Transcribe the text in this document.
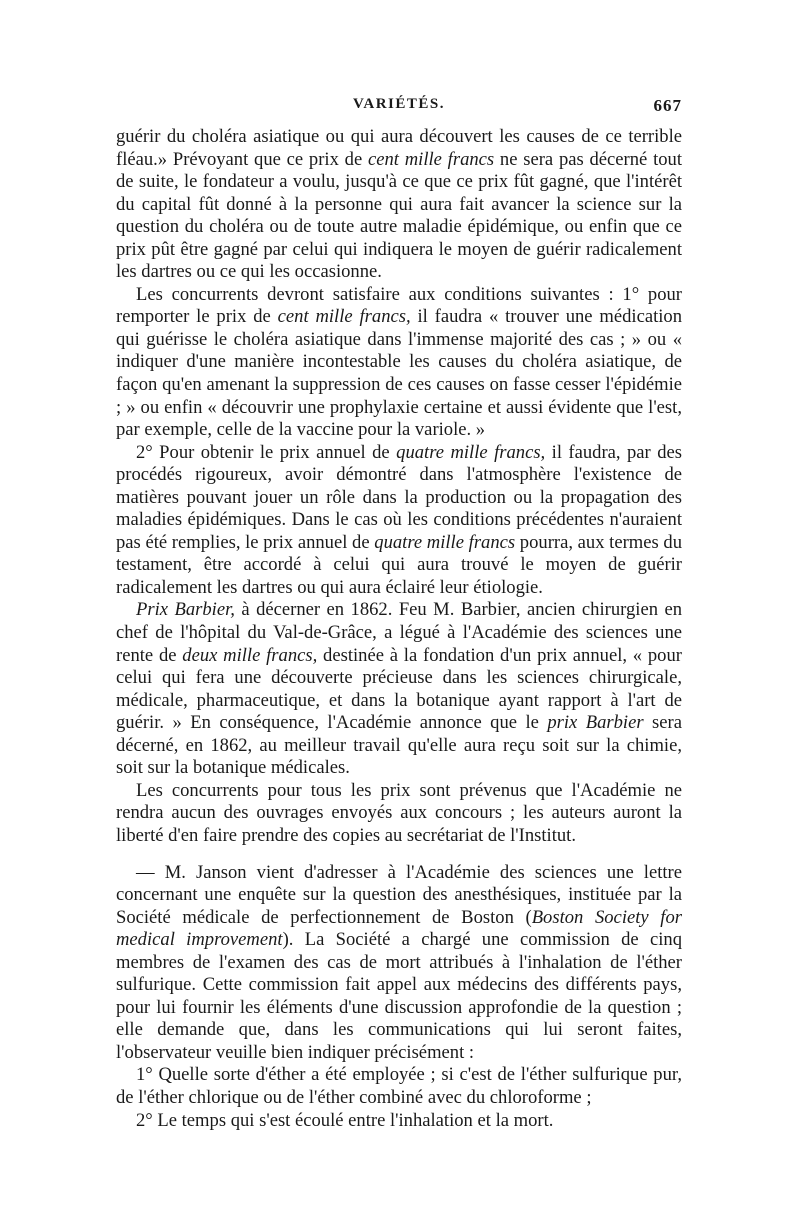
VARIÉTÉS.	667

guérir du choléra asiatique ou qui aura découvert les causes de ce terrible fléau.» Prévoyant que ce prix de cent mille francs ne sera pas décerné tout de suite, le fondateur a voulu, jusqu'à ce que ce prix fût gagné, que l'intérêt du capital fût donné à la personne qui aura fait avancer la science sur la question du choléra ou de toute autre maladie épidémique, ou enfin que ce prix pût être gagné par celui qui indiquera le moyen de guérir radicalement les dartres ou ce qui les occasionne.

Les concurrents devront satisfaire aux conditions suivantes : 1° pour remporter le prix de cent mille francs, il faudra « trouver une médication qui guérisse le choléra asiatique dans l'immense majorité des cas ; » ou « indiquer d'une manière incontestable les causes du choléra asiatique, de façon qu'en amenant la suppression de ces causes on fasse cesser l'épidémie ; » ou enfin « découvrir une prophylaxie certaine et aussi évidente que l'est, par exemple, celle de la vaccine pour la variole. »

2° Pour obtenir le prix annuel de quatre mille francs, il faudra, par des procédés rigoureux, avoir démontré dans l'atmosphère l'existence de matières pouvant jouer un rôle dans la production ou la propagation des maladies épidémiques. Dans le cas où les conditions précédentes n'auraient pas été remplies, le prix annuel de quatre mille francs pourra, aux termes du testament, être accordé à celui qui aura trouvé le moyen de guérir radicalement les dartres ou qui aura éclairé leur étiologie.

Prix Barbier, à décerner en 1862. Feu M. Barbier, ancien chirurgien en chef de l'hôpital du Val-de-Grâce, a légué à l'Académie des sciences une rente de deux mille francs, destinée à la fondation d'un prix annuel, « pour celui qui fera une découverte précieuse dans les sciences chirurgicale, médicale, pharmaceutique, et dans la botanique ayant rapport à l'art de guérir. » En conséquence, l'Académie annonce que le prix Barbier sera décerné, en 1862, au meilleur travail qu'elle aura reçu soit sur la chimie, soit sur la botanique médicales.

Les concurrents pour tous les prix sont prévenus que l'Académie ne rendra aucun des ouvrages envoyés aux concours ; les auteurs auront la liberté d'en faire prendre des copies au secrétariat de l'Institut.

— M. Janson vient d'adresser à l'Académie des sciences une lettre concernant une enquête sur la question des anesthésiques, instituée par la Société médicale de perfectionnement de Boston (Boston Society for medical improvement). La Société a chargé une commission de cinq membres de l'examen des cas de mort attribués à l'inhalation de l'éther sulfurique. Cette commission fait appel aux médecins des différents pays, pour lui fournir les éléments d'une discussion approfondie de la question ; elle demande que, dans les communications qui lui seront faites, l'observateur veuille bien indiquer précisément :

1° Quelle sorte d'éther a été employée ; si c'est de l'éther sulfurique pur, de l'éther chlorique ou de l'éther combiné avec du chloroforme ;

2° Le temps qui s'est écoulé entre l'inhalation et la mort.
